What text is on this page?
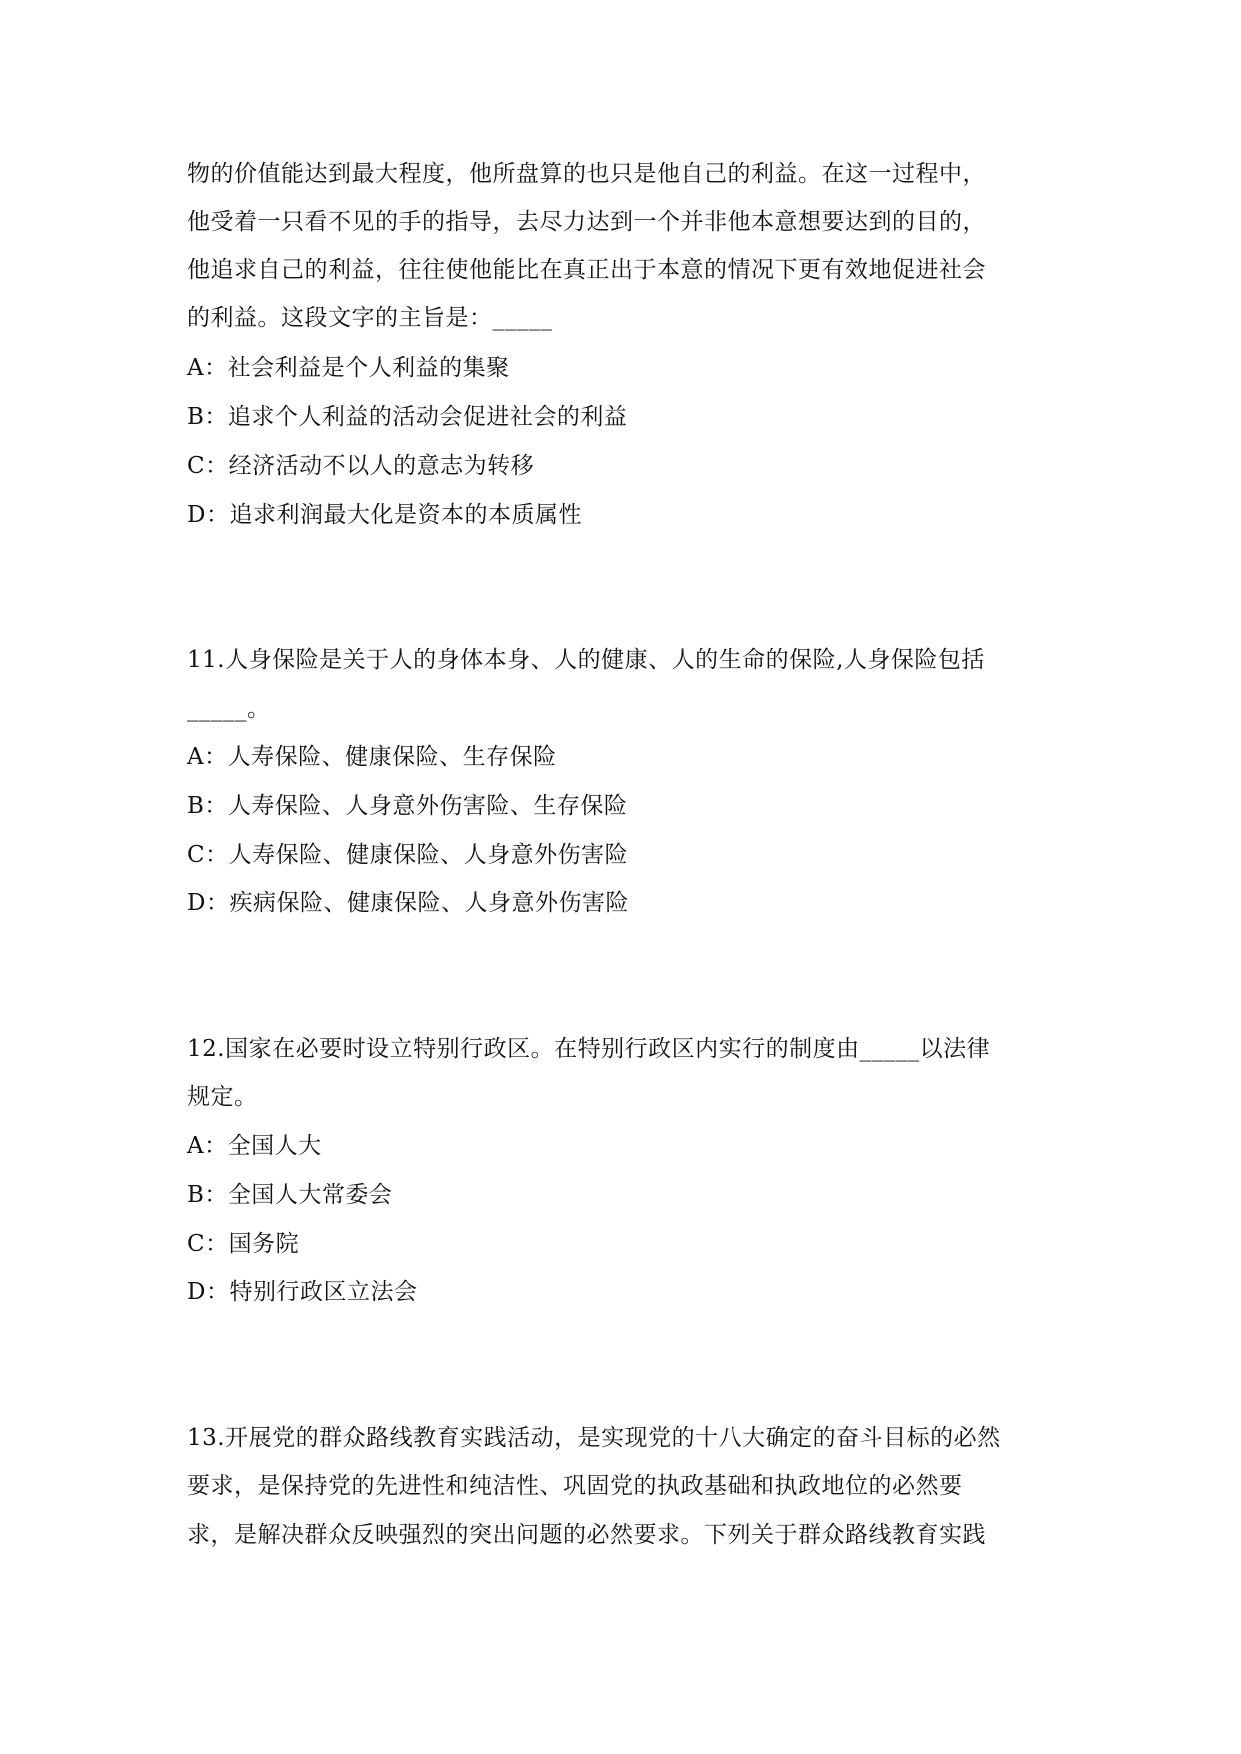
物的价值能达到最大程度，他所盘算的也只是他自己的利益。在这一过程中，
他受着一只看不见的手的指导，去尽力达到一个并非他本意想要达到的目的，
他追求自己的利益，往往使他能比在真正出于本意的情况下更有效地促进社会
的利益。这段文字的主旨是：_____
A：社会利益是个人利益的集聚
B：追求个人利益的活动会促进社会的利益
C：经济活动不以人的意志为转移
D：追求利润最大化是资本的本质属性
11.人身保险是关于人的身体本身、人的健康、人的生命的保险,人身保险包括
_____。
A：人寿保险、健康保险、生存保险
B：人寿保险、人身意外伤害险、生存保险
C：人寿保险、健康保险、人身意外伤害险
D：疾病保险、健康保险、人身意外伤害险
12.国家在必要时设立特别行政区。在特别行政区内实行的制度由_____以法律
规定。
A：全国人大
B：全国人大常委会
C：国务院
D：特别行政区立法会
13.开展党的群众路线教育实践活动，是实现党的十八大确定的奋斗目标的必然
要求，是保持党的先进性和纯洁性、巩固党的执政基础和执政地位的必然要
求，是解决群众反映强烈的突出问题的必然要求。下列关于群众路线教育实践
